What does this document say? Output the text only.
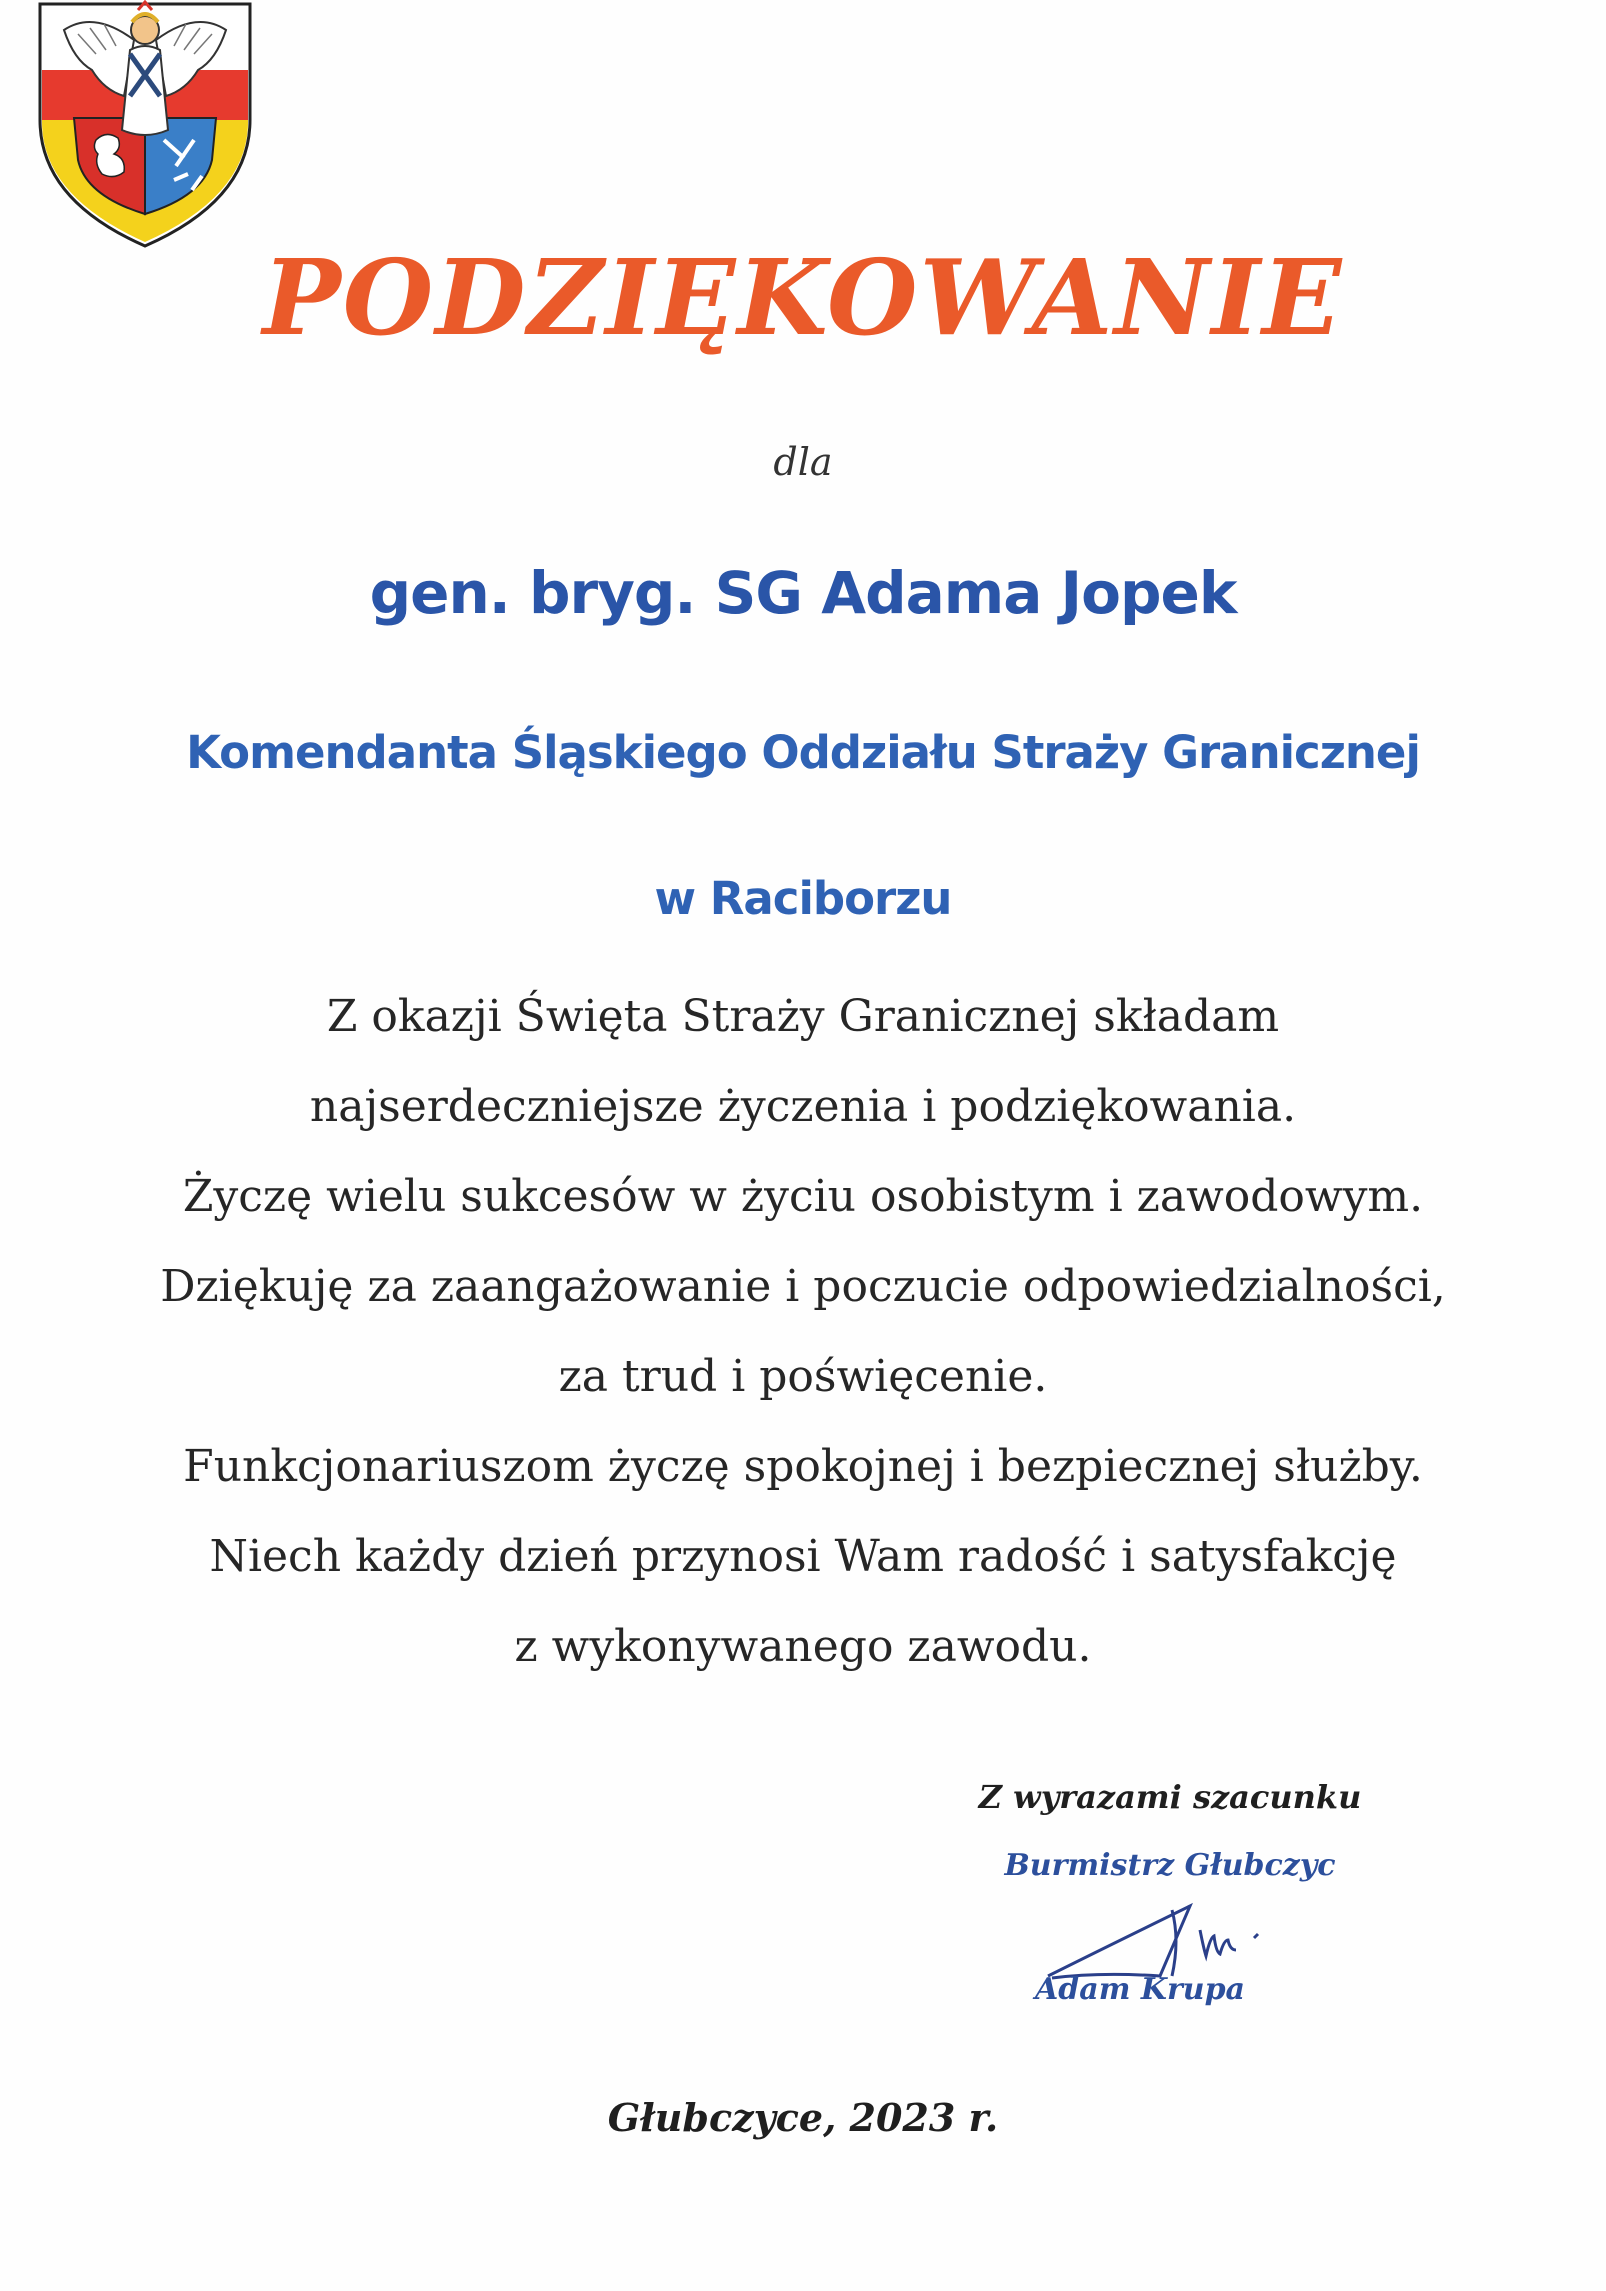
PODZIĘKOWANIE
dla
gen. bryg. SG Adama Jopek
Komendanta Śląskiego Oddziału Straży Granicznej
w Raciborzu
Z okazji Święta Straży Granicznej składam
najserdeczniejsze życzenia i podziękowania.
Życzę wielu sukcesów w życiu osobistym i zawodowym.
Dziękuję za zaangażowanie i poczucie odpowiedzialności,
za trud i poświęcenie.
Funkcjonariuszom życzę spokojnej i bezpiecznej służby.
Niech każdy dzień przynosi Wam radość i satysfakcję
z wykonywanego zawodu.
Z wyrazami szacunku
Burmistrz Głubczyc
Adam Krupa
Głubczyce, 2023 r.
